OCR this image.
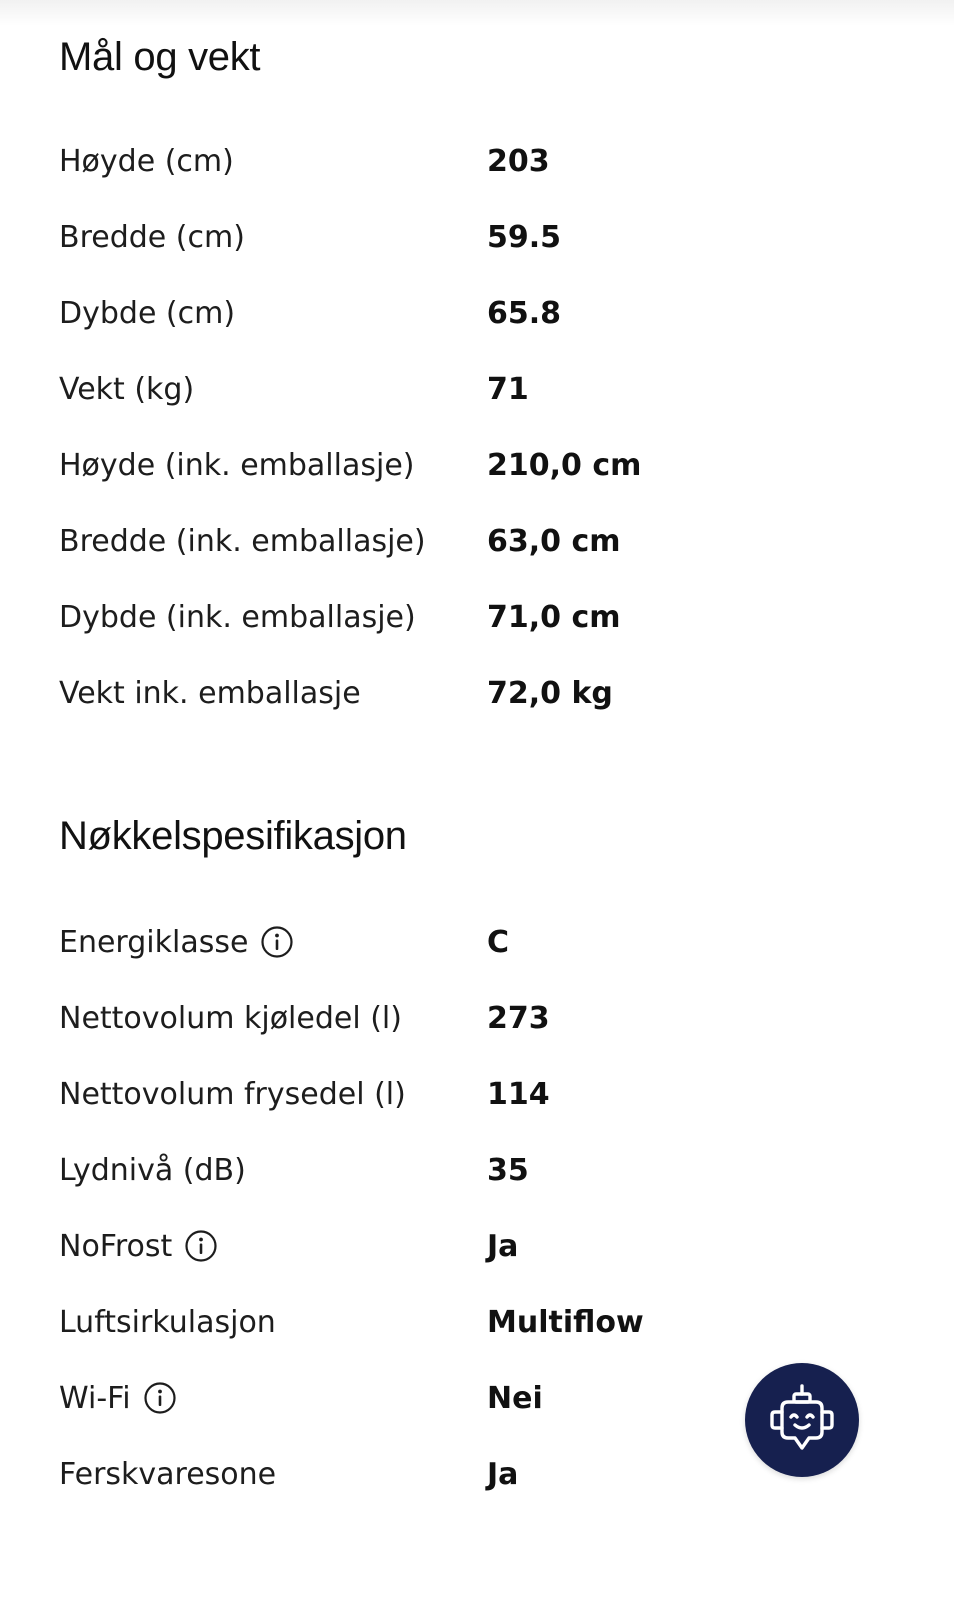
Mål og vekt
Høyde (cm)	203
Bredde (cm)	59.5
Dybde (cm)	65.8
Vekt (kg)	71
Høyde (ink. emballasje)	210,0 cm
Bredde (ink. emballasje)	63,0 cm
Dybde (ink. emballasje)	71,0 cm
Vekt ink. emballasje	72,0 kg
Nøkkelspesifikasjon
Energiklasse	C
Nettovolum kjøledel (l)	273
Nettovolum frysedel (l)	114
Lydnivå (dB)	35
NoFrost	Ja
Luftsirkulasjon	Multiflow
Wi-Fi	Nei
Ferskvaresone	Ja
